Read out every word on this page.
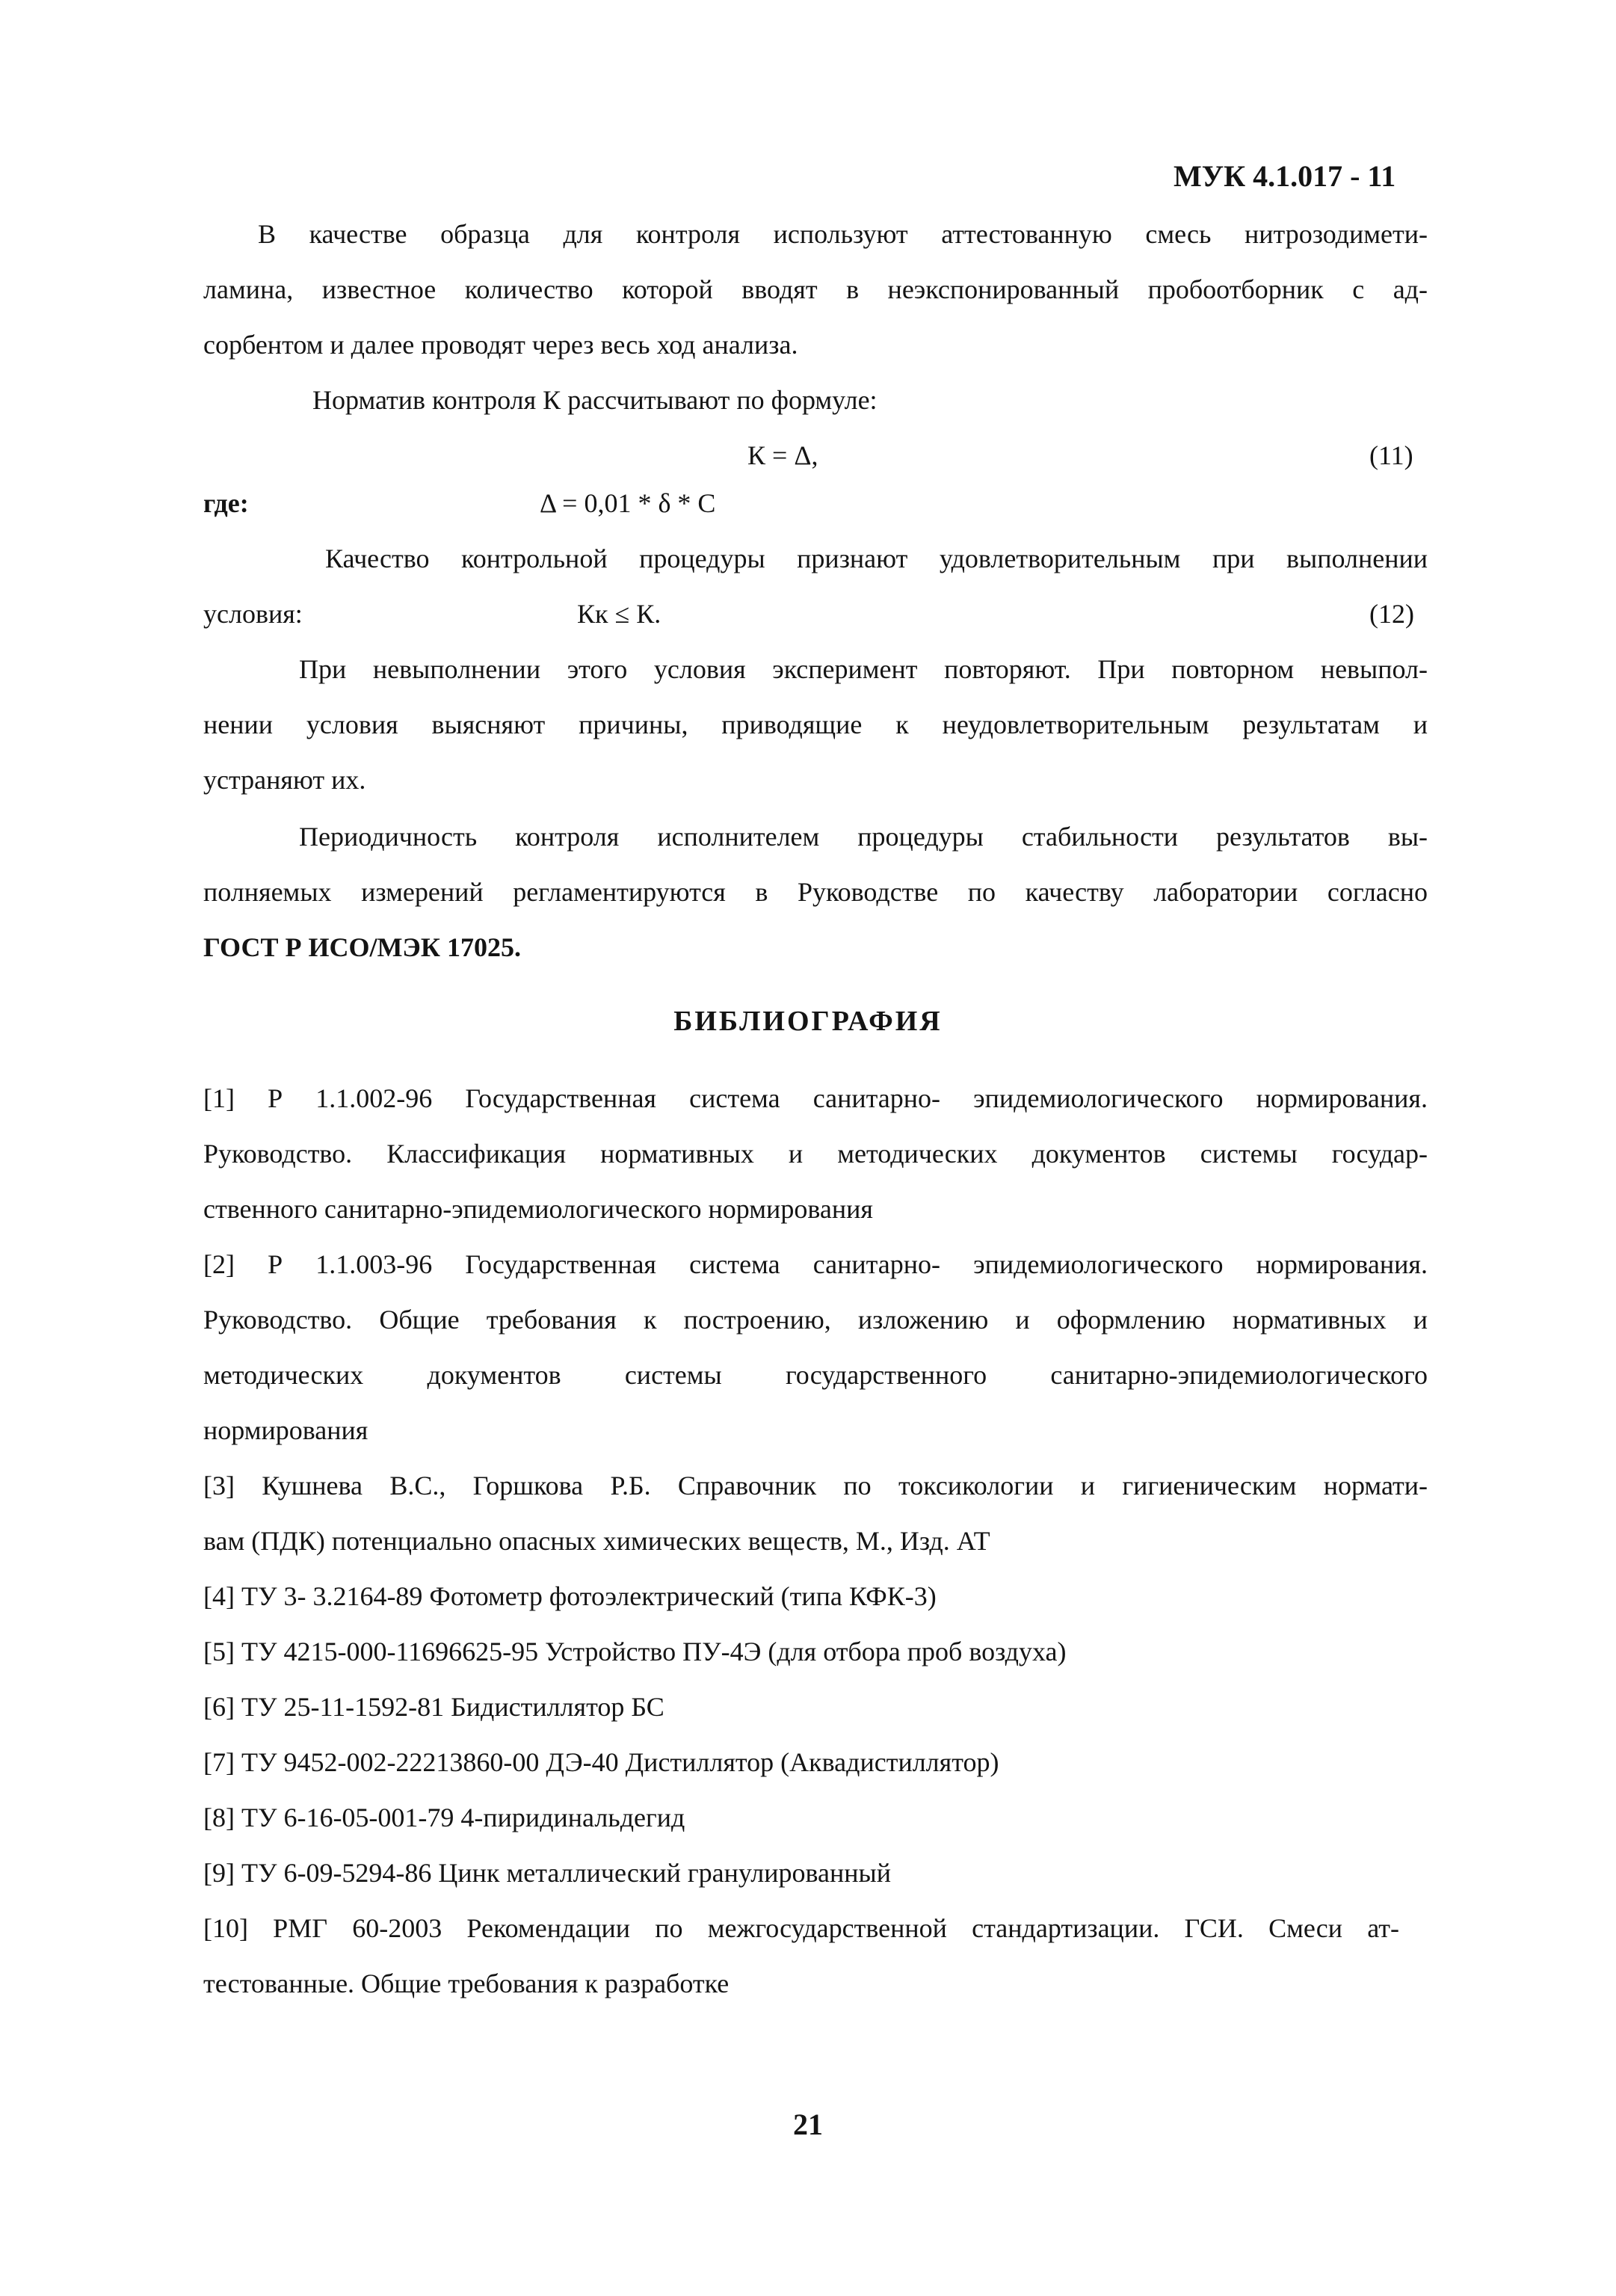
МУК 4.1.017 - 11
В качестве образца для контроля используют аттестованную смесь нитрозодимети-
ламина, известное количество которой вводят в неэкспонированный пробоотборник с ад-
сорбентом и далее проводят через весь ход анализа.
Норматив контроля К рассчитывают по формуле:
К = Δ,	(11)
где:	Δ = 0,01 * δ * С
Качество контрольной процедуры признают удовлетворительным при выполнении
условия:	Кк ≤ К.	(12)
При невыполнении этого условия эксперимент повторяют. При повторном невыпол-
нении условия выясняют причины, приводящие к неудовлетворительным результатам и
устраняют их.
Периодичность контроля исполнителем процедуры стабильности результатов вы-
полняемых измерений регламентируются в Руководстве по качеству лаборатории согласно
ГОСТ Р ИСО/МЭК 17025.
БИБЛИОГРАФИЯ
[1] Р 1.1.002-96 Государственная система санитарно- эпидемиологического нормирования.
Руководство. Классификация нормативных и методических документов системы государ-
ственного санитарно-эпидемиологического нормирования
[2] Р 1.1.003-96 Государственная система санитарно- эпидемиологического нормирования.
Руководство. Общие требования к построению, изложению и оформлению нормативных и
методических документов системы государственного санитарно-эпидемиологического
нормирования
[3] Кушнева В.С., Горшкова Р.Б. Справочник по токсикологии и гигиеническим нормати-
вам (ПДК) потенциально опасных химических веществ, М., Изд. АТ
[4] ТУ 3- 3.2164-89 Фотометр фотоэлектрический (типа КФК-3)
[5] ТУ 4215-000-11696625-95 Устройство ПУ-4Э (для отбора проб воздуха)
[6] ТУ 25-11-1592-81 Бидистиллятор БС
[7] ТУ 9452-002-22213860-00 ДЭ-40 Дистиллятор (Аквадистиллятор)
[8] ТУ 6-16-05-001-79 4-пиридинальдегид
[9] ТУ 6-09-5294-86 Цинк металлический гранулированный
[10] РМГ 60-2003 Рекомендации по межгосударственной стандартизации. ГСИ. Смеси ат-
тестованные. Общие требования к разработке
21
